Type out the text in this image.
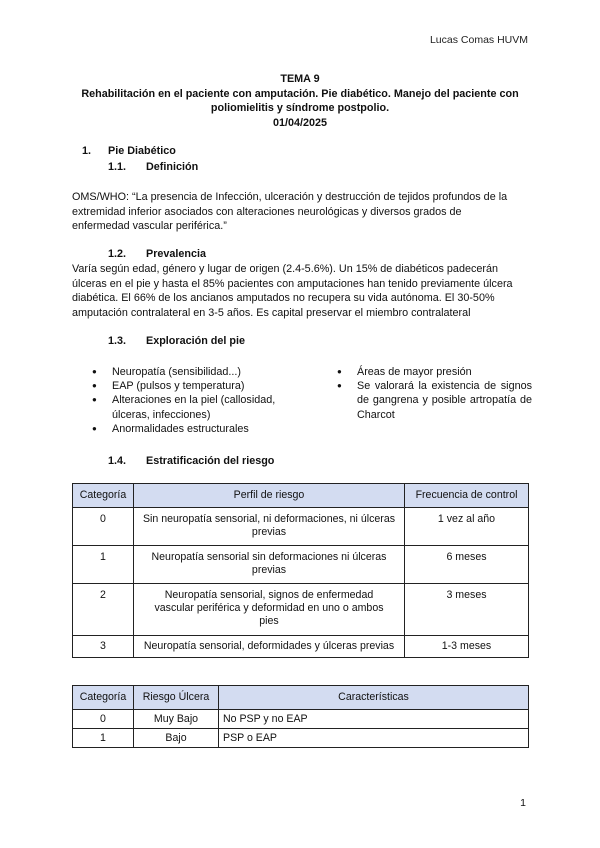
Lucas Comas HUVM
TEMA 9
Rehabilitación en el paciente con amputación. Pie diabético. Manejo del paciente con
poliomielitis y síndrome postpolio.
01/04/2025
1. Pie Diabético
1.1. Definición
OMS/WHO: “La presencia de Infección, ulceración y destrucción de tejidos profundos de la
extremidad inferior asociados con alteraciones neurológicas y diversos grados de
enfermedad vascular periférica.”
1.2. Prevalencia
Varía según edad, género y lugar de origen (2.4-5.6%). Un 15% de diabéticos padecerán
úlceras en el pie y hasta el 85% pacientes con amputaciones han tenido previamente úlcera
diabética. El 66% de los ancianos amputados no recupera su vida autónoma. El 30-50%
amputación contralateral en 3-5 años. Es capital preservar el miembro contralateral
1.3. Exploración del pie
● Neuropatía (sensibilidad...)
● EAP (pulsos y temperatura)
● Alteraciones en la piel (callosidad, úlceras, infecciones)
● Anormalidades estructurales
● Áreas de mayor presión
● Se valorará la existencia de signos de gangrena y posible artropatía de Charcot
1.4. Estratificación del riesgo
Categoría	Perfil de riesgo	Frecuencia de control
0	Sin neuropatía sensorial, ni deformaciones, ni úlceras previas	1 vez al año
1	Neuropatía sensorial sin deformaciones ni úlceras previas	6 meses
2	Neuropatía sensorial, signos de enfermedad vascular periférica y deformidad en uno o ambos pies	3 meses
3	Neuropatía sensorial, deformidades y úlceras previas	1-3 meses
Categoría	Riesgo Úlcera	Características
0	Muy Bajo	No PSP y no EAP
1	Bajo	PSP o EAP
1
